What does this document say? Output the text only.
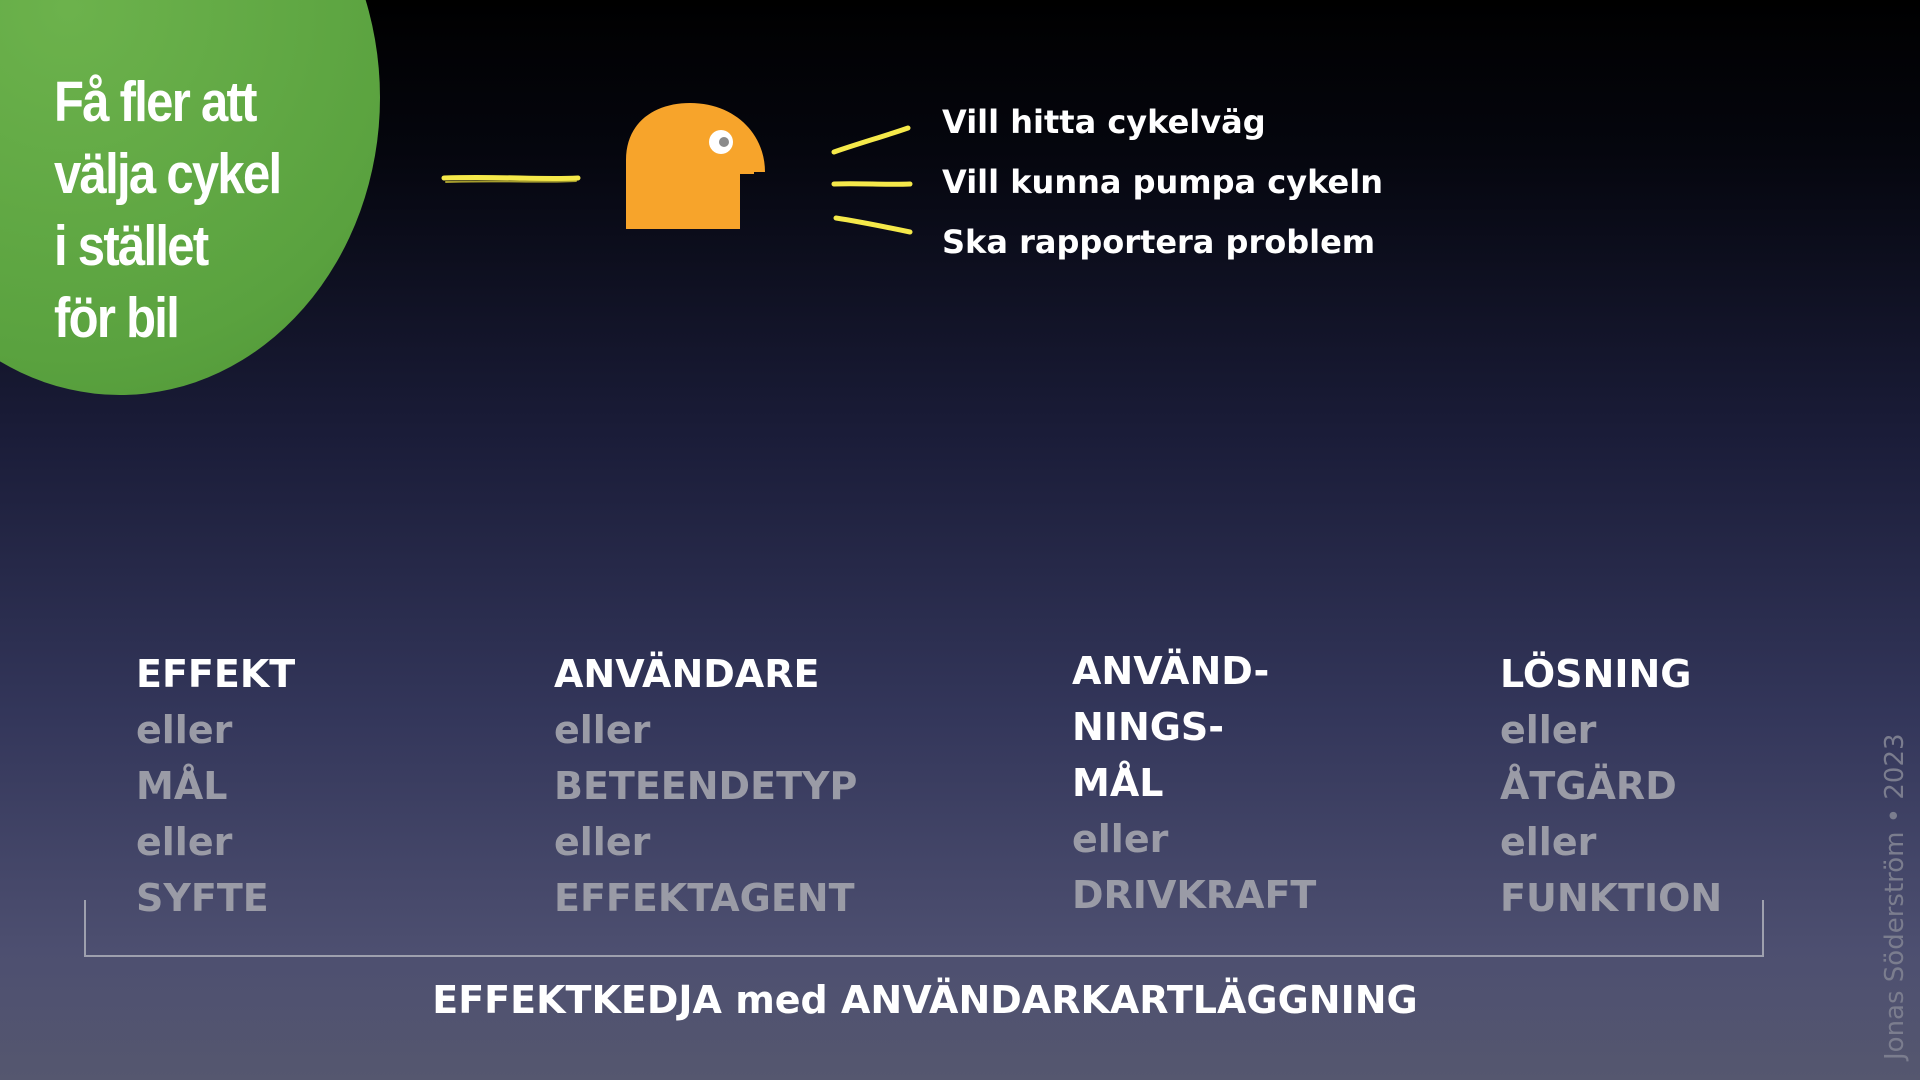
Få fler att
välja cykel
i stället
för bil
Vill hitta cykelväg
Vill kunna pumpa cykeln
Ska rapportera problem
EFFEKT
eller
MÅL
eller
SYFTE
ANVÄNDARE
eller
BETEENDETYP
eller
EFFEKTAGENT
ANVÄND-
NINGS-
MÅL
eller
DRIVKRAFT
LÖSNING
eller
ÅTGÄRD
eller
FUNKTION
EFFEKTKEDJA med ANVÄNDARKARTLÄGGNING	Jonas Söderström • 2023
